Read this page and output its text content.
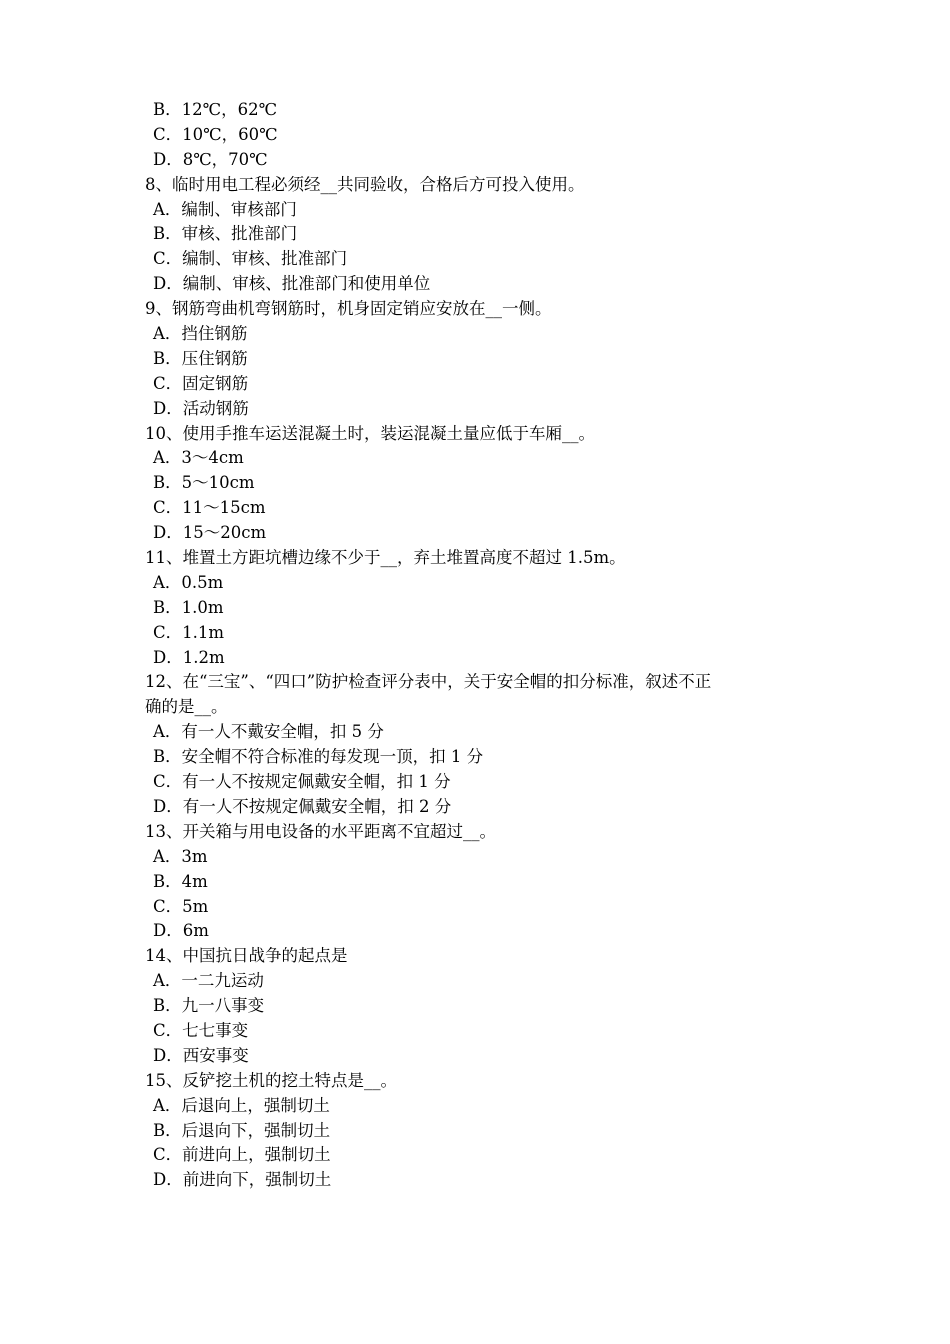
B．12℃，62℃
C．10℃，60℃
D．8℃，70℃
8、临时用电工程必须经__共同验收，合格后方可投入使用。
A．编制、审核部门
B．审核、批准部门
C．编制、审核、批准部门
D．编制、审核、批准部门和使用单位
9、钢筋弯曲机弯钢筋时，机身固定销应安放在__一侧。
A．挡住钢筋
B．压住钢筋
C．固定钢筋
D．活动钢筋
10、使用手推车运送混凝土时，装运混凝土量应低于车厢__。
A．3～4cm
B．5～10cm
C．11～15cm
D．15～20cm
11、堆置土方距坑槽边缘不少于__，弃土堆置高度不超过 1.5m。
A．0.5m
B．1.0m
C．1.1m
D．1.2m
12、在“三宝”、“四口”防护检查评分表中，关于安全帽的扣分标准，叙述不正
确的是__。
A．有一人不戴安全帽，扣 5 分
B．安全帽不符合标准的每发现一顶，扣 1 分
C．有一人不按规定佩戴安全帽，扣 1 分
D．有一人不按规定佩戴安全帽，扣 2 分
13、开关箱与用电设备的水平距离不宜超过__。
A．3m
B．4m
C．5m
D．6m
14、中国抗日战争的起点是
A．一二九运动
B．九一八事变
C．七七事变
D．西安事变
15、反铲挖土机的挖土特点是__。
A．后退向上，强制切土
B．后退向下，强制切土
C．前进向上，强制切土
D．前进向下，强制切土
